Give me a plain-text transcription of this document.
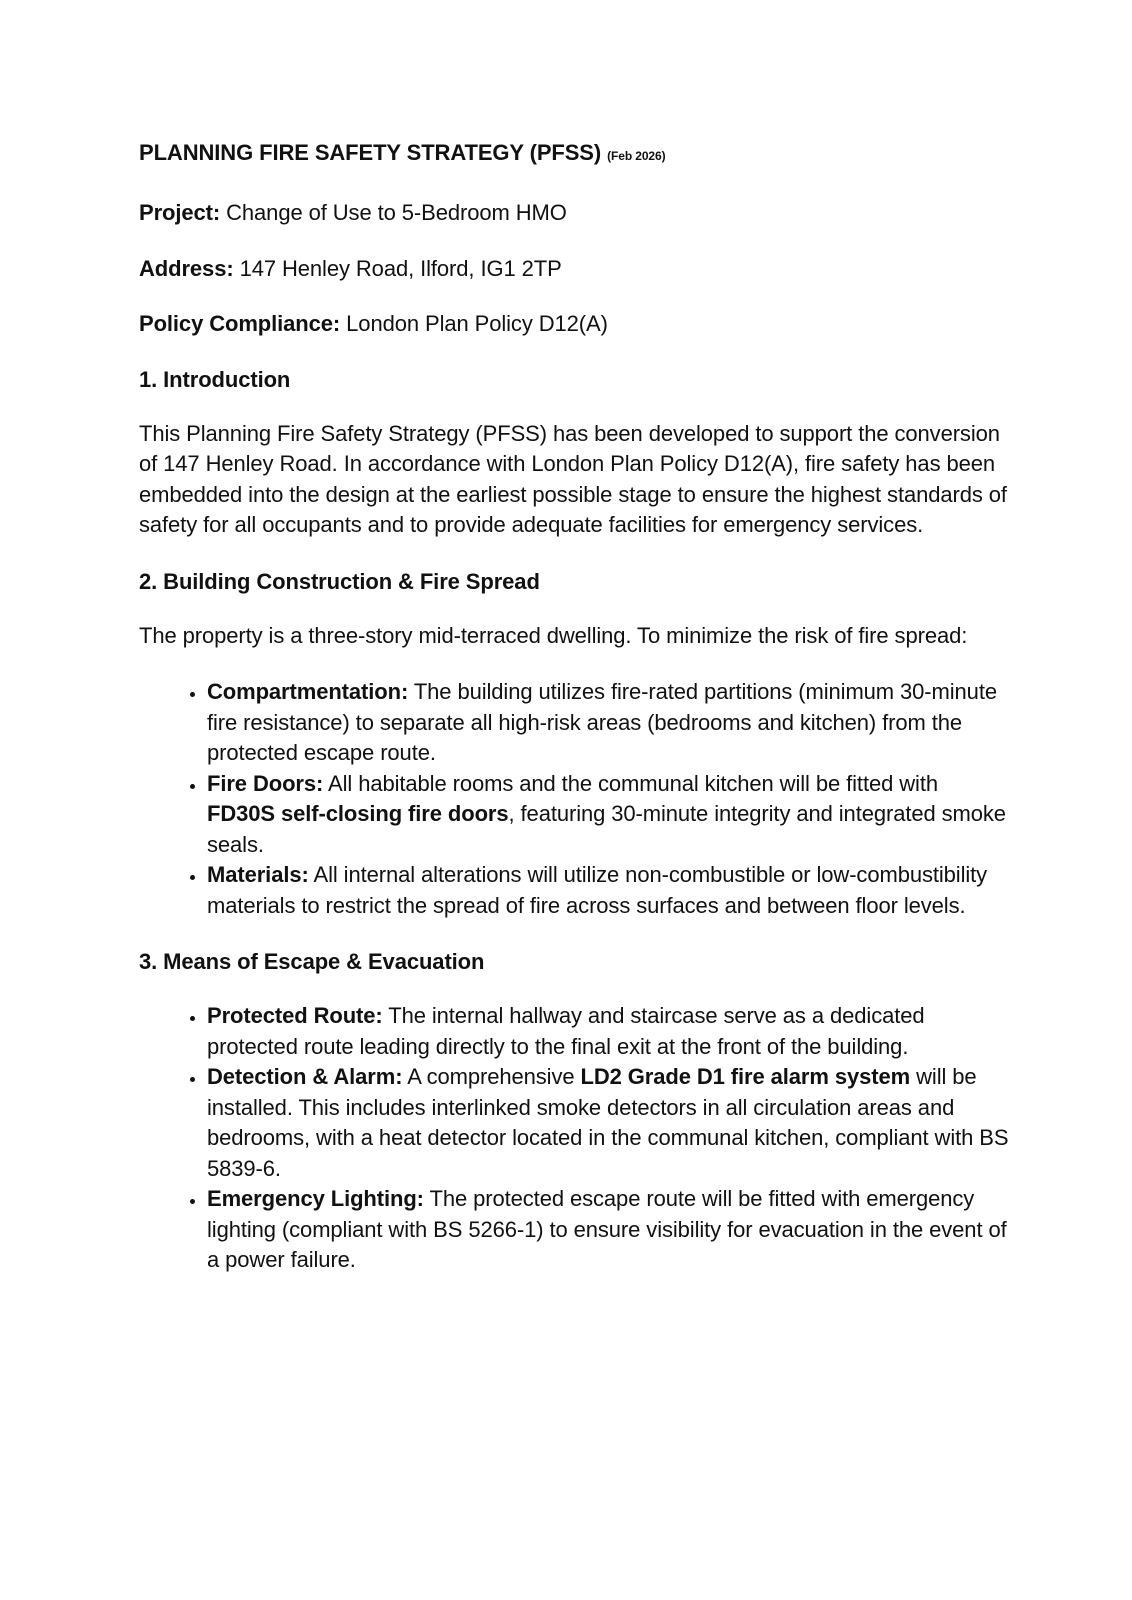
PLANNING FIRE SAFETY STRATEGY (PFSS) (Feb 2026)

Project: Change of Use to 5-Bedroom HMO

Address: 147 Henley Road, Ilford, IG1 2TP

Policy Compliance: London Plan Policy D12(A)

1. Introduction

This Planning Fire Safety Strategy (PFSS) has been developed to support the conversion of 147 Henley Road. In accordance with London Plan Policy D12(A), fire safety has been embedded into the design at the earliest possible stage to ensure the highest standards of safety for all occupants and to provide adequate facilities for emergency services.

2. Building Construction & Fire Spread

The property is a three-story mid-terraced dwelling. To minimize the risk of fire spread:

• Compartmentation: The building utilizes fire-rated partitions (minimum 30-minute fire resistance) to separate all high-risk areas (bedrooms and kitchen) from the protected escape route.
• Fire Doors: All habitable rooms and the communal kitchen will be fitted with FD30S self-closing fire doors, featuring 30-minute integrity and integrated smoke seals.
• Materials: All internal alterations will utilize non-combustible or low-combustibility materials to restrict the spread of fire across surfaces and between floor levels.
3. Means of Escape & Evacuation
• Protected Route: The internal hallway and staircase serve as a dedicated protected route leading directly to the final exit at the front of the building.
• Detection & Alarm: A comprehensive LD2 Grade D1 fire alarm system will be installed. This includes interlinked smoke detectors in all circulation areas and bedrooms, with a heat detector located in the communal kitchen, compliant with BS 5839-6.
• Emergency Lighting: The protected escape route will be fitted with emergency lighting (compliant with BS 5266-1) to ensure visibility for evacuation in the event of a power failure.
